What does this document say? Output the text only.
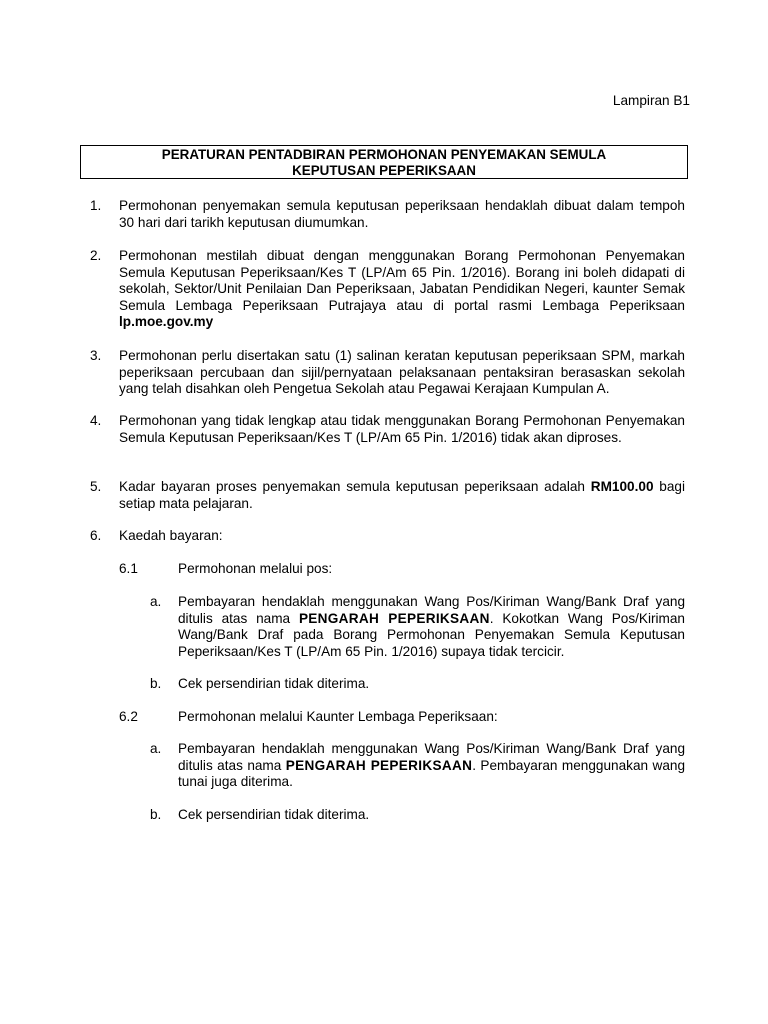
Lampiran B1
PERATURAN PENTADBIRAN PERMOHONAN PENYEMAKAN SEMULA
KEPUTUSAN PEPERIKSAAN
1. Permohonan penyemakan semula keputusan peperiksaan hendaklah dibuat dalam tempoh 30 hari dari tarikh keputusan diumumkan.
2. Permohonan mestilah dibuat dengan menggunakan Borang Permohonan Penyemakan Semula Keputusan Peperiksaan/Kes T (LP/Am 65 Pin. 1/2016). Borang ini boleh didapati di sekolah, Sektor/Unit Penilaian Dan Peperiksaan, Jabatan Pendidikan Negeri, kaunter Semak Semula Lembaga Peperiksaan Putrajaya atau di portal rasmi Lembaga Peperiksaan lp.moe.gov.my
3. Permohonan perlu disertakan satu (1) salinan keratan keputusan peperiksaan SPM, markah peperiksaan percubaan dan sijil/pernyataan pelaksanaan pentaksiran berasaskan sekolah yang telah disahkan oleh Pengetua Sekolah atau Pegawai Kerajaan Kumpulan A.
4. Permohonan yang tidak lengkap atau tidak menggunakan Borang Permohonan Penyemakan Semula Keputusan Peperiksaan/Kes T (LP/Am 65 Pin. 1/2016) tidak akan diproses.
5. Kadar bayaran proses penyemakan semula keputusan peperiksaan adalah RM100.00 bagi setiap mata pelajaran.
6. Kaedah bayaran:
6.1	Permohonan melalui pos:
a. Pembayaran hendaklah menggunakan Wang Pos/Kiriman Wang/Bank Draf yang ditulis atas nama PENGARAH PEPERIKSAAN. Kokotkan Wang Pos/Kiriman Wang/Bank Draf pada Borang Permohonan Penyemakan Semula Keputusan Peperiksaan/Kes T (LP/Am 65 Pin. 1/2016) supaya tidak tercicir.
b. Cek persendirian tidak diterima.
6.2	Permohonan melalui Kaunter Lembaga Peperiksaan:
a. Pembayaran hendaklah menggunakan Wang Pos/Kiriman Wang/Bank Draf yang ditulis atas nama PENGARAH PEPERIKSAAN. Pembayaran menggunakan wang tunai juga diterima.
b. Cek persendirian tidak diterima.
